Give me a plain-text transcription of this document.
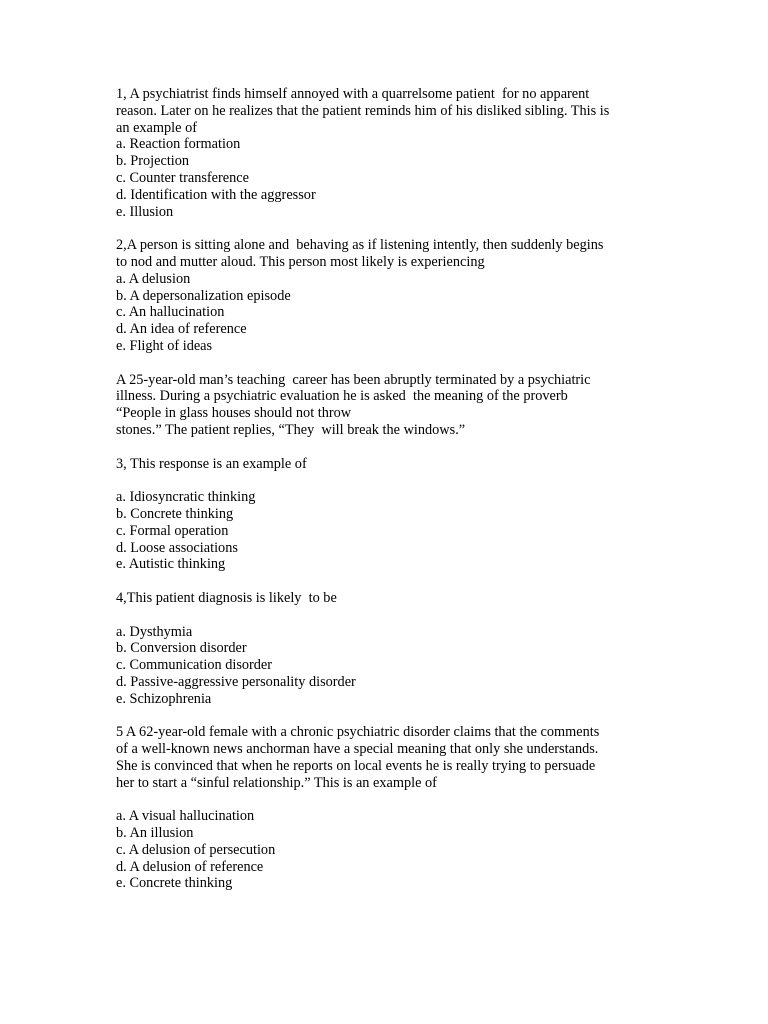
1, A psychiatrist finds himself annoyed with a quarrelsome patient  for no apparent
reason. Later on he realizes that the patient reminds him of his disliked sibling. This is
an example of
a. Reaction formation
b. Projection
c. Counter transference
d. Identification with the aggressor
e. Illusion
2,A person is sitting alone and  behaving as if listening intently, then suddenly begins
to nod and mutter aloud. This person most likely is experiencing
a. A delusion
b. A depersonalization episode
c. An hallucination
d. An idea of reference
e. Flight of ideas
A 25-year-old man’s teaching  career has been abruptly terminated by a psychiatric
illness. During a psychiatric evaluation he is asked  the meaning of the proverb
“People in glass houses should not throw
stones.” The patient replies, “They  will break the windows.”
3, This response is an example of
a. Idiosyncratic thinking
b. Concrete thinking
c. Formal operation
d. Loose associations
e. Autistic thinking
4,This patient diagnosis is likely  to be
a. Dysthymia
b. Conversion disorder
c. Communication disorder
d. Passive-aggressive personality disorder
e. Schizophrenia
5 A 62-year-old female with a chronic psychiatric disorder claims that the comments
of a well-known news anchorman have a special meaning that only she understands.
She is convinced that when he reports on local events he is really trying to persuade
her to start a “sinful relationship.” This is an example of
a. A visual hallucination
b. An illusion
c. A delusion of persecution
d. A delusion of reference
e. Concrete thinking
